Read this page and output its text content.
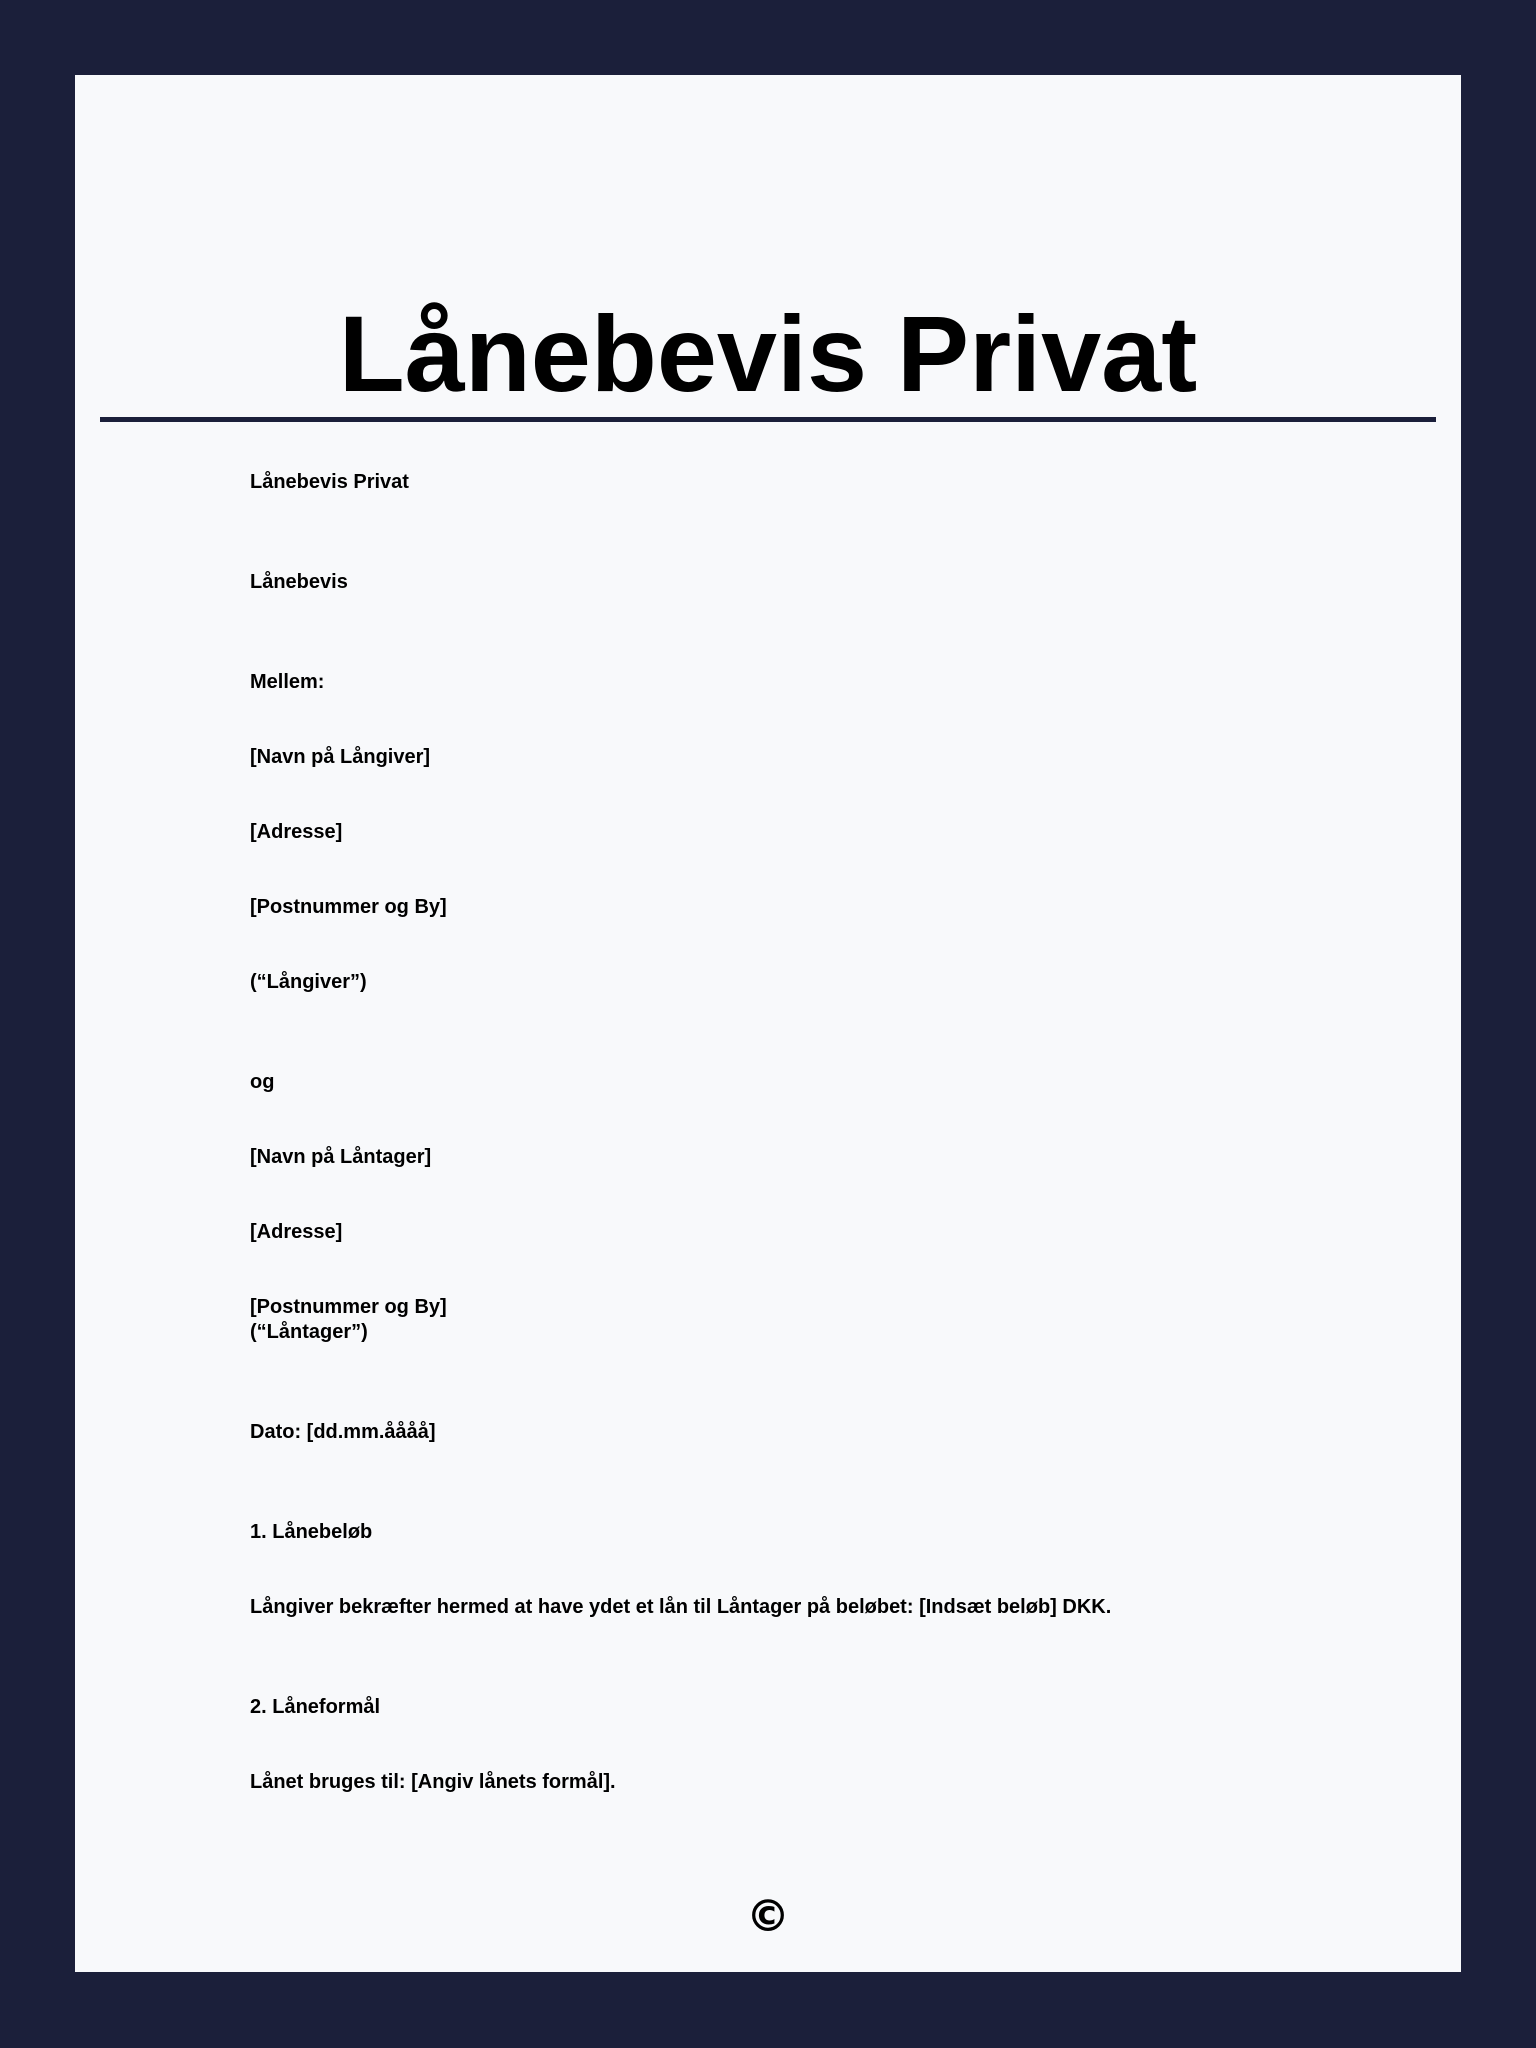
Lånebevis Privat

Lånebevis Privat

Lånebevis

Mellem:

[Navn på Långiver]

[Adresse]

[Postnummer og By]

(“Långiver”)

og

[Navn på Låntager]

[Adresse]

[Postnummer og By]

(“Låntager”)

Dato: [dd.mm.åååå]

1. Lånebeløb

Långiver bekræfter hermed at have ydet et lån til Låntager på beløbet: [Indsæt beløb] DKK.

2. Låneformål

Lånet bruges til: [Angiv lånets formål].

©
